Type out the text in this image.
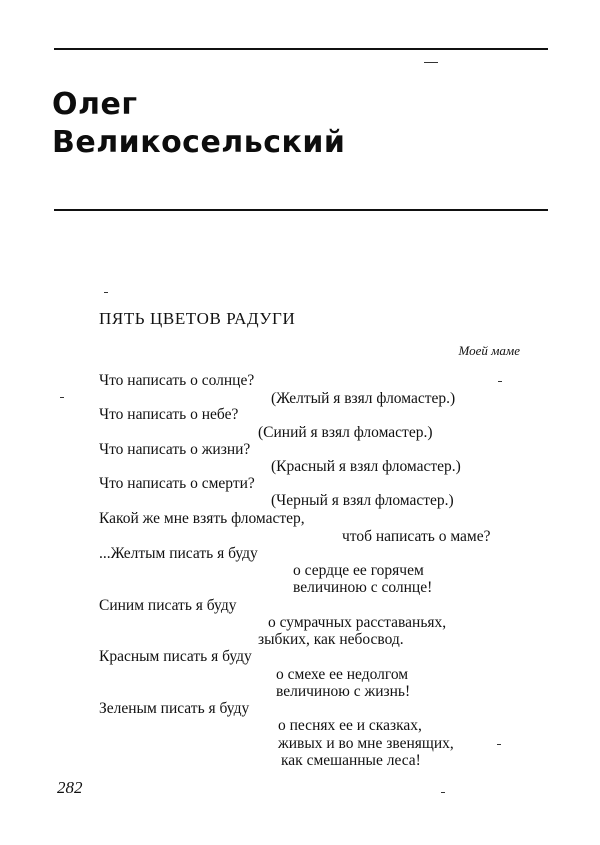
Олег
Великосельский
ПЯТЬ ЦВЕТОВ РАДУГИ
Моей маме
Что написать о солнце?
(Желтый я взял фломастер.)
Что написать о небе?
(Синий я взял фломастер.)
Что написать о жизни?
(Красный я взял фломастер.)
Что написать о смерти?
(Черный я взял фломастер.)
Какой же мне взять фломастер,
чтоб написать о маме?
...Желтым писать я буду
о сердце ее горячем
величиною с солнце!
Синим писать я буду
о сумрачных расставаньях,
зыбких, как небосвод.
Красным писать я буду
о смехе ее недолгом
величиною с жизнь!
Зеленым писать я буду
о песнях ее и сказках,
живых и во мне звенящих,
как смешанные леса!
282
